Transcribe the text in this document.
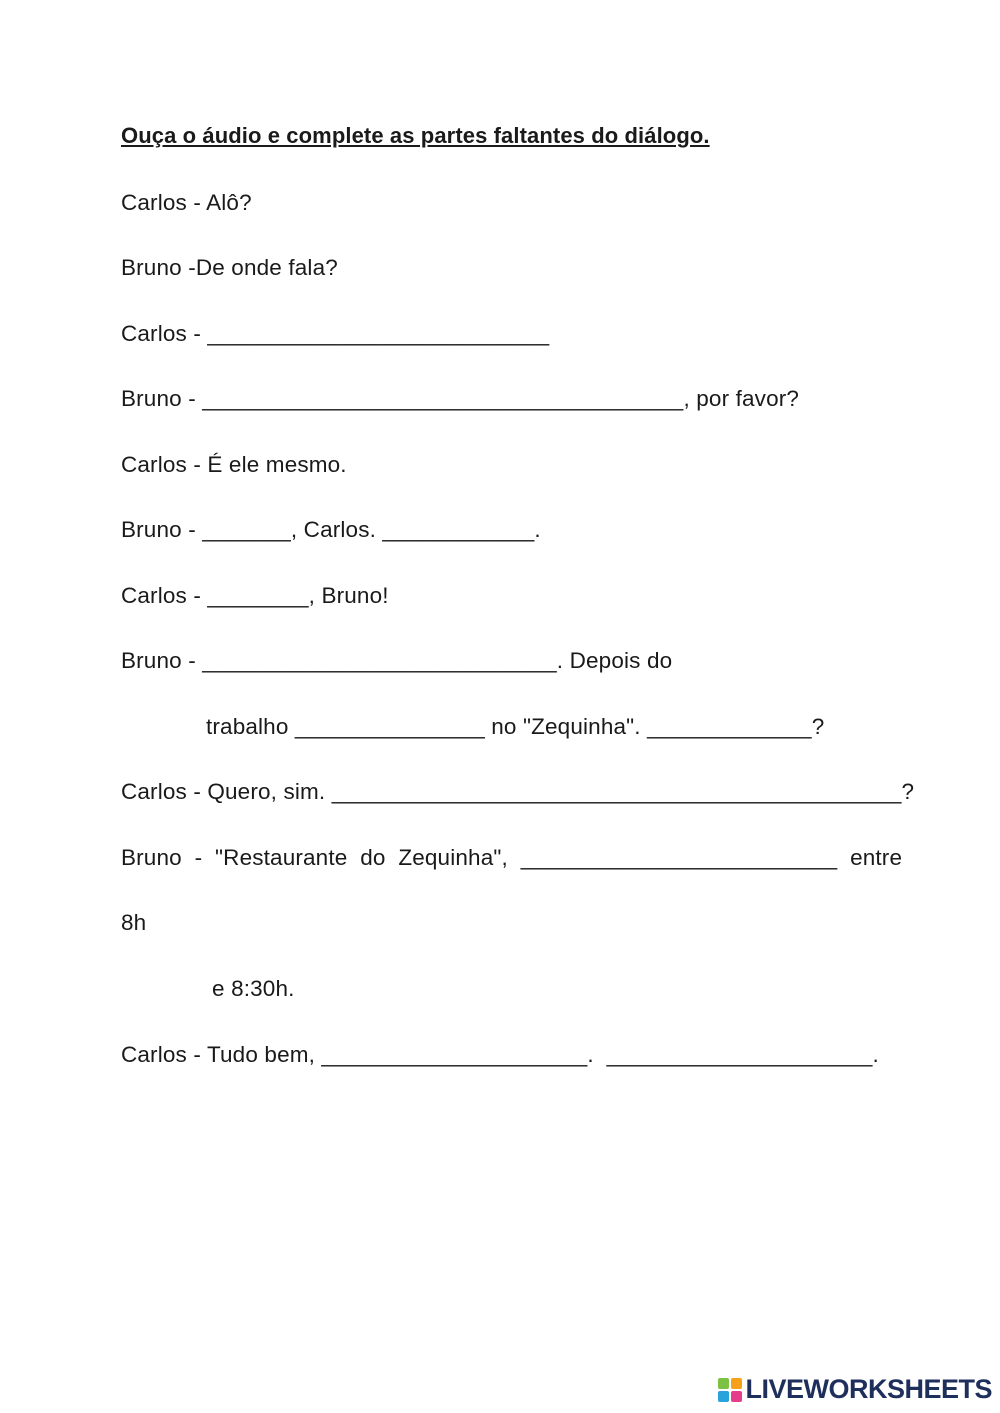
Ouça o áudio e complete as partes faltantes do diálogo.
Carlos - Alô?
Bruno -De onde fala?
Carlos - ___________________________
Bruno - ______________________________________, por favor?
Carlos - É ele mesmo.
Bruno - _______, Carlos. ____________.
Carlos - ________, Bruno!
Bruno - ____________________________. Depois do
trabalho _______________ no "Zequinha". _____________?
Carlos - Quero, sim. _____________________________________________?
Bruno  -  "Restaurante  do  Zequinha",  _________________________  entre
8h
e 8:30h.
Carlos - Tudo bem, _____________________.  _____________________.
LIVEWORKSHEETS
